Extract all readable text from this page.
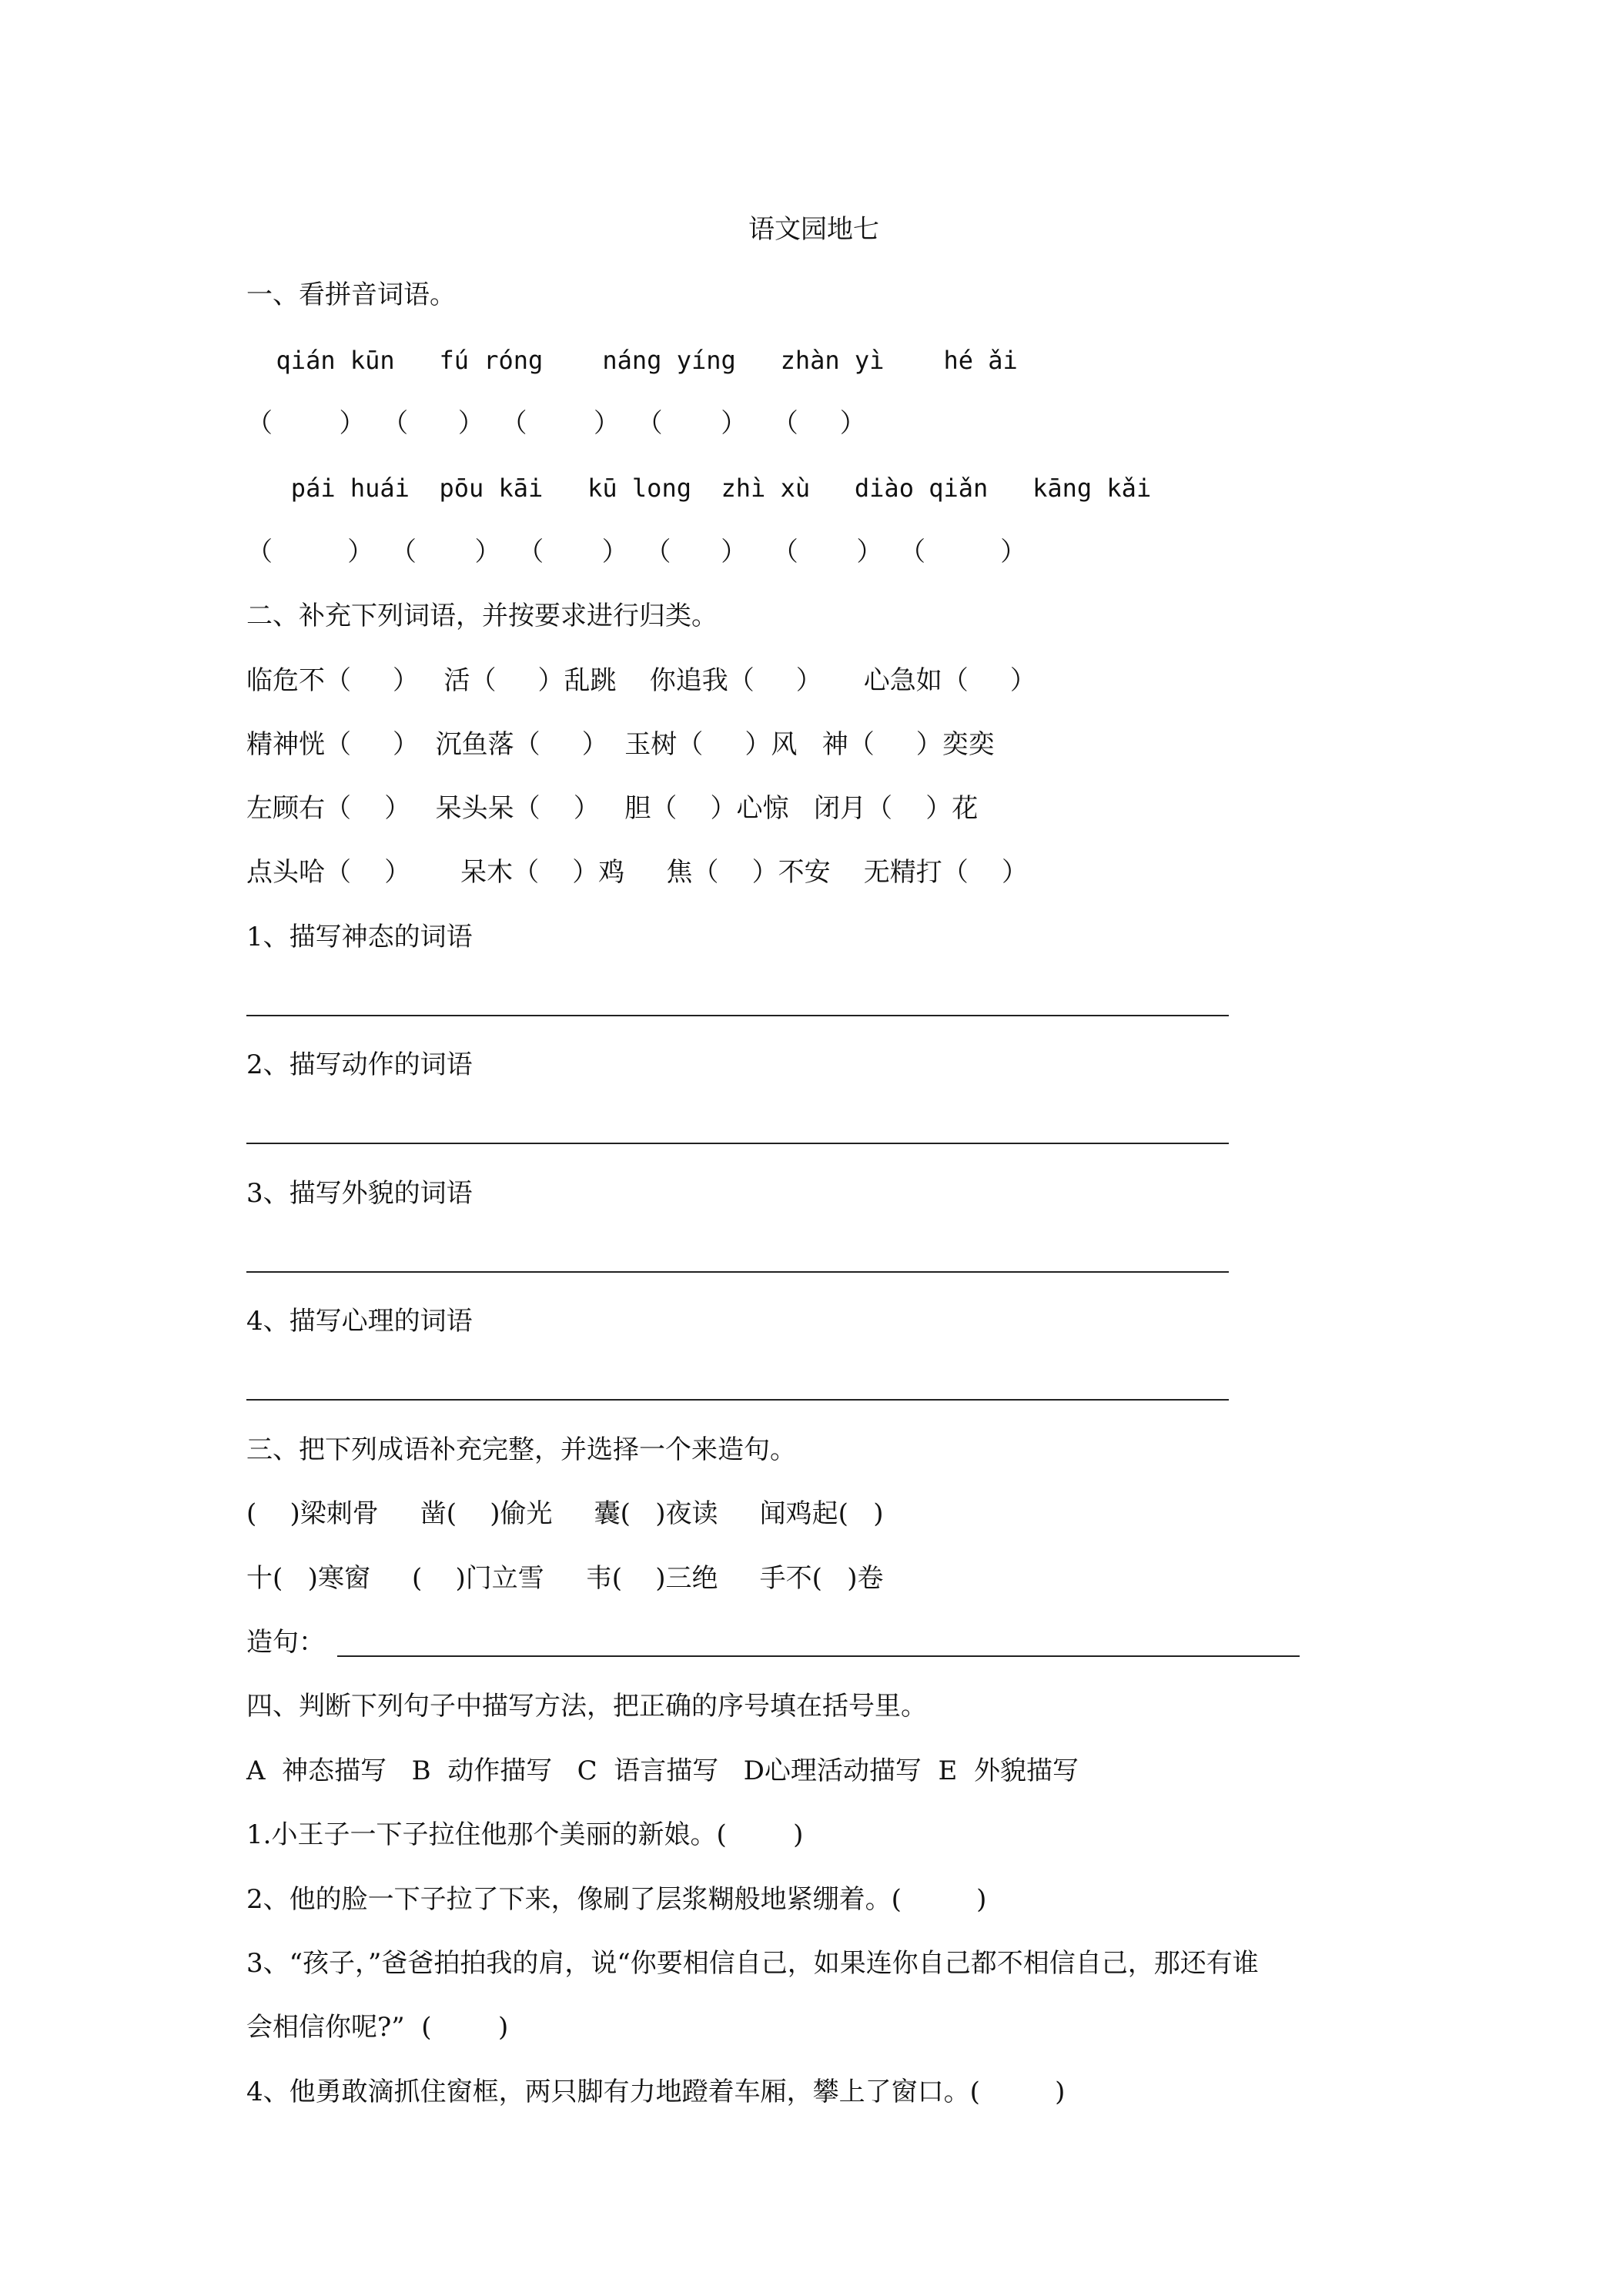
语文园地七
一、看拼音词语。
qián kūn   fú róng    náng yíng   zhàn yì    hé ǎi
（        ）  （      ）  （        ）  （       ）   （     ）
pái huái  pōu kāi   kū long  zhì xù   diào qiǎn   kāng kǎi
（         ）  （       ）  （       ）  （      ）   （       ）  （         ）
二、补充下列词语，并按要求进行归类。
临危不（     ）   活（     ）乱跳    你追我（     ）     心急如（     ）
精神恍（     ）  沉鱼落（     ）  玉树（     ）风   神（     ）奕奕
左顾右（    ）   呆头呆（    ）   胆（    ）心惊   闭月（    ）花
点头哈（    ）      呆木（    ）鸡     焦（    ）不安    无精打（    ）
1、描写神态的词语
2、描写动作的词语
3、描写外貌的词语
4、描写心理的词语
三、把下列成语补充完整，并选择一个来造句。
(    )梁刺骨     凿(    )偷光     囊(   )夜读     闻鸡起(   )
十(   )寒窗     (    )门立雪     韦(    )三绝     手不(   )卷
造句：
四、判断下列句子中描写方法，把正确的序号填在括号里。
A  神态描写   B  动作描写   C  语言描写   D心理活动描写  E  外貌描写
1.小王子一下子拉住他那个美丽的新娘。(        )
2、他的脸一下子拉了下来，像刷了层浆糊般地紧绷着。(         )
3、“孩子，”爸爸拍拍我的肩，说“你要相信自己，如果连你自己都不相信自己，那还有谁
会相信你呢?”  (        )
4、他勇敢滴抓住窗框，两只脚有力地蹬着车厢，攀上了窗口。(         )
